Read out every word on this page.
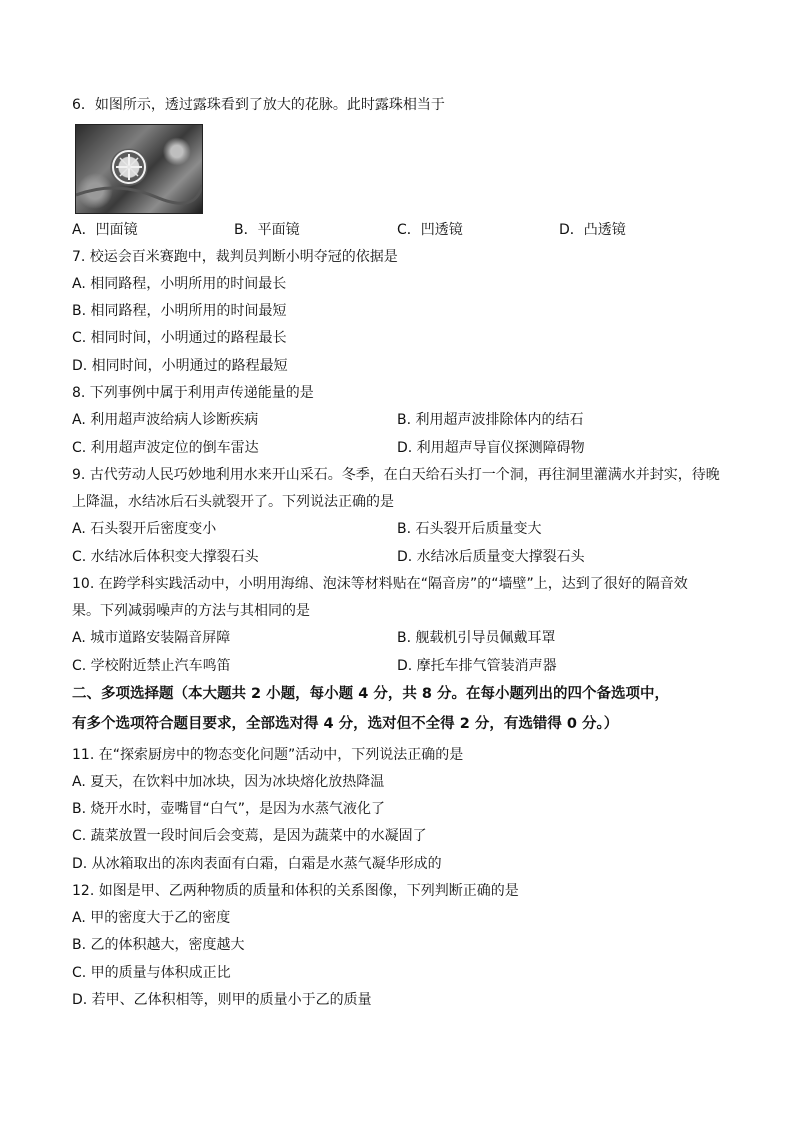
6．如图所示，透过露珠看到了放大的花脉。此时露珠相当于
A．凹面镜	B．平面镜	C．凹透镜	D．凸透镜
7. 校运会百米赛跑中，裁判员判断小明夺冠的依据是
A. 相同路程，小明所用的时间最长
B. 相同路程，小明所用的时间最短
C. 相同时间，小明通过的路程最长
D. 相同时间，小明通过的路程最短
8. 下列事例中属于利用声传递能量的是
A. 利用超声波给病人诊断疾病	B. 利用超声波排除体内的结石
C. 利用超声波定位的倒车雷达	D. 利用超声导盲仪探测障碍物
9. 古代劳动人民巧妙地利用水来开山采石。冬季，在白天给石头打一个洞，再往洞里灌满水并封实，待晚
上降温，水结冰后石头就裂开了。下列说法正确的是
A. 石头裂开后密度变小	B. 石头裂开后质量变大
C. 水结冰后体积变大撑裂石头	D. 水结冰后质量变大撑裂石头
10. 在跨学科实践活动中，小明用海绵、泡沫等材料贴在“隔音房”的“墙壁”上，达到了很好的隔音效
果。下列减弱噪声的方法与其相同的是
A. 城市道路安装隔音屏障	B. 舰载机引导员佩戴耳罩
C. 学校附近禁止汽车鸣笛	D. 摩托车排气管装消声器
二、多项选择题（本大题共 2 小题，每小题 4 分，共 8 分。在每小题列出的四个备选项中，
有多个选项符合题目要求，全部选对得 4 分，选对但不全得 2 分，有选错得 0 分。）
11. 在“探索厨房中的物态变化问题”活动中，下列说法正确的是
A. 夏天，在饮料中加冰块，因为冰块熔化放热降温
B. 烧开水时，壶嘴冒“白气”，是因为水蒸气液化了
C. 蔬菜放置一段时间后会变蔫，是因为蔬菜中的水凝固了
D. 从冰箱取出的冻肉表面有白霜，白霜是水蒸气凝华形成的
12. 如图是甲、乙两种物质的质量和体积的关系图像，下列判断正确的是
A. 甲的密度大于乙的密度
B. 乙的体积越大，密度越大
C. 甲的质量与体积成正比
D. 若甲、乙体积相等，则甲的质量小于乙的质量
